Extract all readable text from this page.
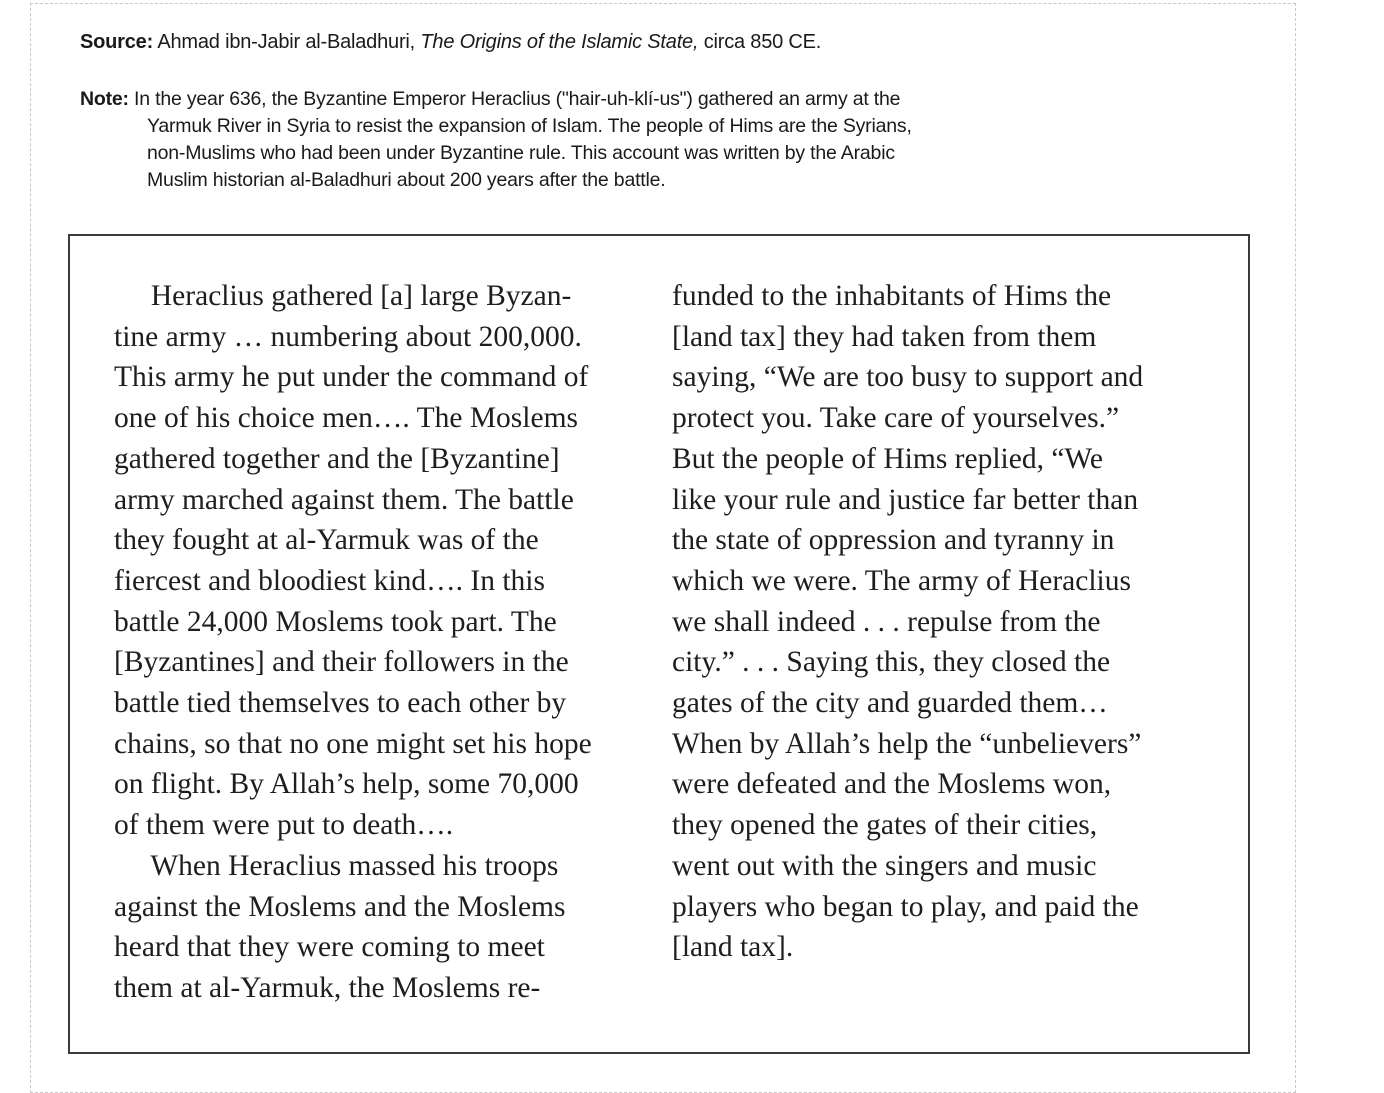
Source: Ahmad ibn-Jabir al-Baladhuri, The Origins of the Islamic State, circa 850 CE.
Note: In the year 636, the Byzantine Emperor Heraclius ("hair-uh-klí-us") gathered an army at the
Yarmuk River in Syria to resist the expansion of Islam. The people of Hims are the Syrians,
non-Muslims who had been under Byzantine rule. This account was written by the Arabic
Muslim historian al-Baladhuri about 200 years after the battle.
Heraclius gathered [a] large Byzan-
tine army … numbering about 200,000.
This army he put under the command of
one of his choice men…. The Moslems
gathered together and the [Byzantine]
army marched against them. The battle
they fought at al-Yarmuk was of the
fiercest and bloodiest kind…. In this
battle 24,000 Moslems took part. The
[Byzantines] and their followers in the
battle tied themselves to each other by
chains, so that no one might set his hope
on flight. By Allah’s help, some 70,000
of them were put to death….
When Heraclius massed his troops
against the Moslems and the Moslems
heard that they were coming to meet
them at al-Yarmuk, the Moslems re-
funded to the inhabitants of Hims the
[land tax] they had taken from them
saying, “We are too busy to support and
protect you. Take care of yourselves.”
But the people of Hims replied, “We
like your rule and justice far better than
the state of oppression and tyranny in
which we were. The army of Heraclius
we shall indeed . . . repulse from the
city.” . . . Saying this, they closed the
gates of the city and guarded them…
When by Allah’s help the “unbelievers”
were defeated and the Moslems won,
they opened the gates of their cities,
went out with the singers and music
players who began to play, and paid the
[land tax].
